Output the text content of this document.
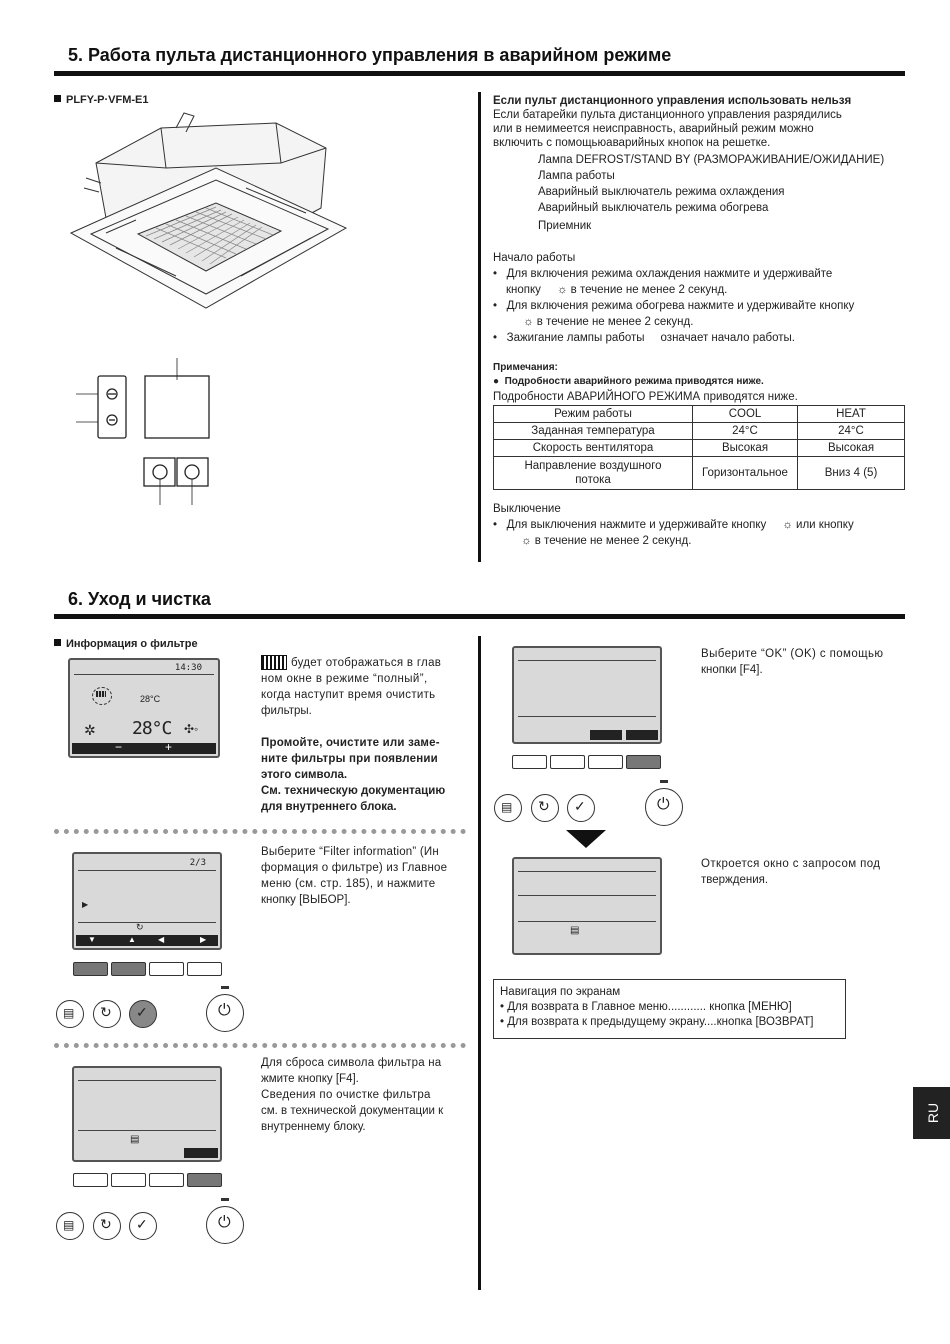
5. Работа пульта дистанционного управления в аварийном режиме
PLFY-P·VFM-E1	Если пульт дистанционного управления использовать нельзя
Если батарейки пульта дистанционного управления разрядились
или в немимеется неисправность, аварийный режим можно
включить с помощьюаварийных кнопок на решетке.
Лампа DEFROST/STAND BY (РАЗМОРАЖИВАНИЕ/ОЖИДАНИЕ)
Лампа работы
Аварийный выключатель режима охлаждения
Аварийный выключатель режима обогрева
Приемник
Начало работы
•   Для включения режима охлаждения нажмите и удерживайте
кнопку ☼ в течение не менее 2 секунд.
•   Для включения режима обогрева нажмите и удерживайте кнопку
☼ в течение не менее 2 секунд.
•   Зажигание лампы работы означает начало работы.
Примечания:
●  Подробности аварийного режима приводятся ниже.
Подробности АВАРИЙНОГО РЕЖИМА приводятся ниже.
Режим работы	COOL	HEAT
Заданная температура	24°C	24°C
Скорость вентилятора	Высокая	Высокая
Направление воздушного потока	Горизонтальное	Вниз 4 (5)
Выключение
•   Для выключения нажмите и удерживайте кнопку ☼ или кнопку
☼ в течение не менее 2 секунд.
6. Уход и чистка
Информация о фильтре
14:30
28°C
✲ 28°C ✣◦
−	+
будет отображаться в глав
ном окне в режиме “полный”,
когда наступит время очистить
фильтры.
Промойте, очистите или заме-
ните фильтры при появлении
этого символа.
См. техническую документацию
для внутреннего блока.
2/3
▶
↻
▼	▲	◀	▶
▤ ↻ ✓	⏻
Выберите “Filter information” (Ин
формация о фильтре) из Главное
меню (см. стр. 185), и нажмите
кнопку [ВЫБОР].
▤
▤ ↻ ✓	⏻
Для сброса символа фильтра на
жмите кнопку [F4].
Сведения по очистке фильтра
см. в технической документации к
внутреннему блоку.
▤ ↻ ✓	⏻
▤
Выберите “OK” (OK) с помощью
кнопки [F4].
Откроется окно с запросом под
тверждения.
Навигация по экранам
• Для возврата в Главное меню............ кнопка [МЕНЮ]
• Для возврата к предыдущему экрану....кнопка [ВОЗВРАТ]
RU
